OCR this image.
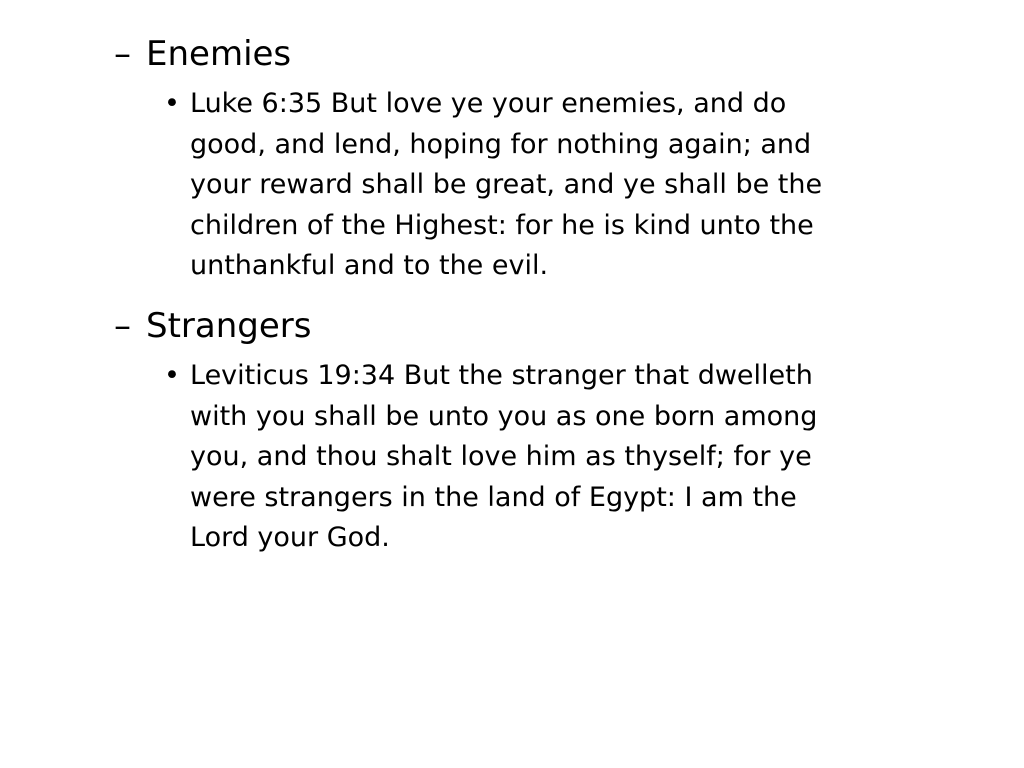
– Enemies
• Luke 6:35 But love ye your enemies, and do
good, and lend, hoping for nothing again; and
your reward shall be great, and ye shall be the
children of the Highest: for he is kind unto the
unthankful and to the evil.
– Strangers
• Leviticus 19:34 But the stranger that dwelleth
with you shall be unto you as one born among
you, and thou shalt love him as thyself; for ye
were strangers in the land of Egypt: I am the
Lord your God.
